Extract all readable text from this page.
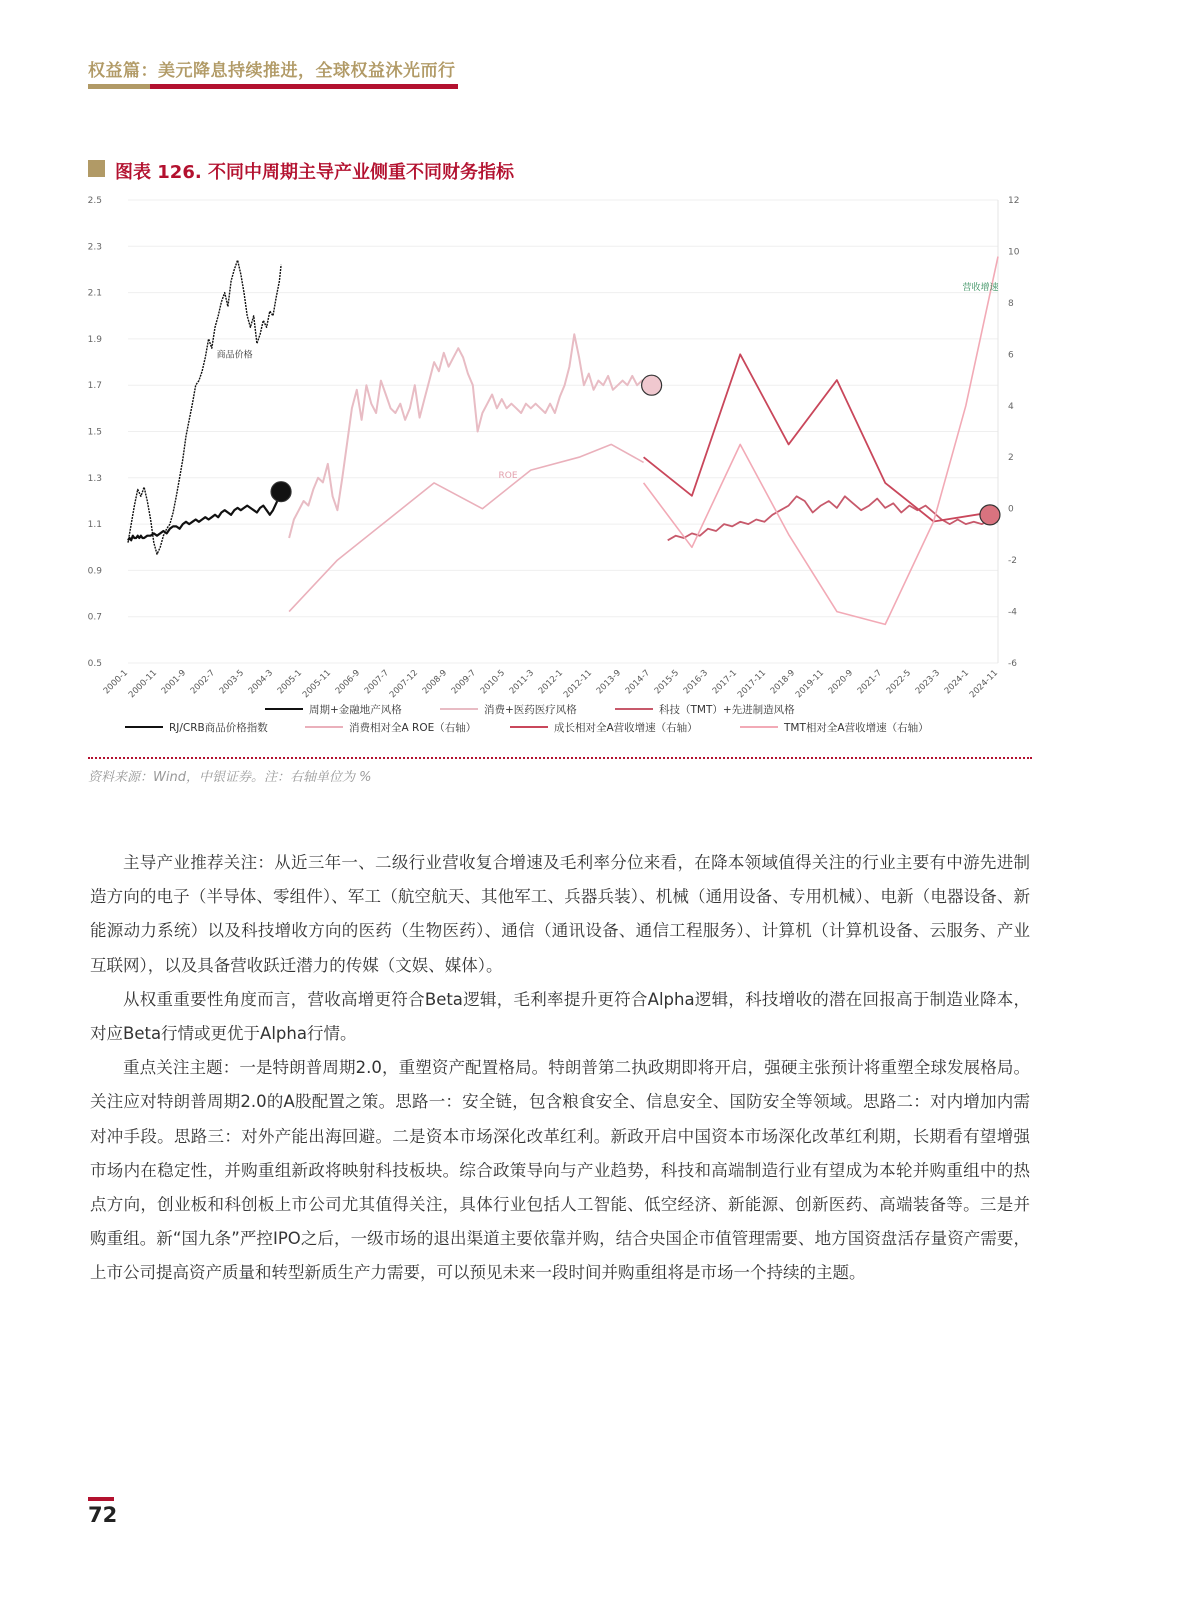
权益篇：美元降息持续推进，全球权益沐光而行
图表 126. 不同中周期主导产业侧重不同财务指标
2.5
2.3
2.1
1.9
1.7
1.5
1.3
1.1
0.9
0.7
0.5
12
10
8
6
4
2
0
-2
-4
-6
2000-1
2000-11 2001-9 2002-7 2003-5 2004-3 2005-1
2005-11 2006-9 2007-7
2007-12 2008-9 2009-7 2010-5 2011-3 2012-1
2012-11 2013-9 2014-7 2015-5 2016-3 2017-1
2017-11 2018-9
2019-11 2020-9 2021-7 2022-5 2023-3 2024-1
2024-11
商品价格
ROE
营收增速
周期+金融地产风格	消费+医药医疗风格	科技（TMT）+先进制造风格
RJ/CRB商品价格指数	消费相对全A ROE（右轴）	成长相对全A营收增速（右轴）	TMT相对全A营收增速（右轴）
资料来源：Wind，中银证券。注：右轴单位为 %

主导产业推荐关注：从近三年一、二级行业营收复合增速及毛利率分位来看，在降本领域值得关注的行业主要有中游先进制造方向的电子（半导体、零组件）、军工（航空航天、其他军工、兵器兵装）、机械（通用设备、专用机械）、电新（电器设备、新能源动力系统）以及科技增收方向的医药（生物医药）、通信（通讯设备、通信工程服务）、计算机（计算机设备、云服务、产业互联网），以及具备营收跃迁潜力的传媒（文娱、媒体）。

从权重重要性角度而言，营收高增更符合Beta逻辑，毛利率提升更符合Alpha逻辑，科技增收的潜在回报高于制造业降本，对应Beta行情或更优于Alpha行情。

重点关注主题：一是特朗普周期2.0，重塑资产配置格局。特朗普第二执政期即将开启，强硬主张预计将重塑全球发展格局。关注应对特朗普周期2.0的A股配置之策。思路一：安全链，包含粮食安全、信息安全、国防安全等领域。思路二：对内增加内需对冲手段。思路三：对外产能出海回避。二是资本市场深化改革红利。新政开启中国资本市场深化改革红利期，长期看有望增强市场内在稳定性，并购重组新政将映射科技板块。综合政策导向与产业趋势，科技和高端制造行业有望成为本轮并购重组中的热点方向，创业板和科创板上市公司尤其值得关注，具体行业包括人工智能、低空经济、新能源、创新医药、高端装备等。三是并购重组。新“国九条”严控IPO之后，一级市场的退出渠道主要依靠并购，结合央国企市值管理需要、地方国资盘活存量资产需要，上市公司提高资产质量和转型新质生产力需要，可以预见未来一段时间并购重组将是市场一个持续的主题。

72
